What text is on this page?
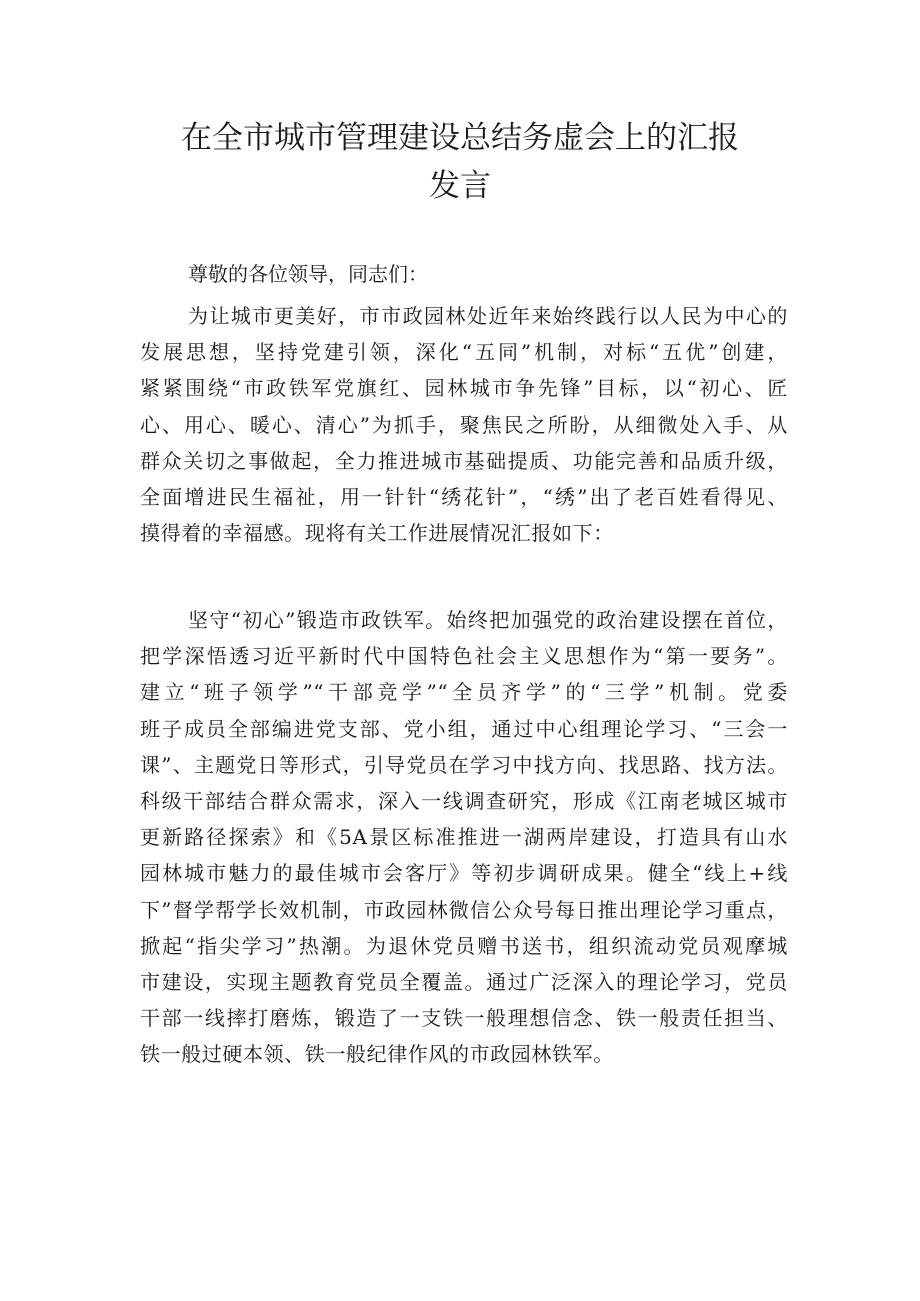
在全市城市管理建设总结务虚会上的汇报
发言

尊敬的各位领导，同志们：

为让城市更美好，市市政园林处近年来始终践行以人民为中心的
发展思想，坚持党建引领，深化“五同”机制，对标“五优”创建，
紧紧围绕“市政铁军党旗红、园林城市争先锋”目标，以“初心、匠
心、用心、暖心、清心”为抓手，聚焦民之所盼，从细微处入手、从
群众关切之事做起，全力推进城市基础提质、功能完善和品质升级，
全面增进民生福祉，用一针针“绣花针”，“绣”出了老百姓看得见、
摸得着的幸福感。现将有关工作进展情况汇报如下：
坚守“初心”锻造市政铁军。始终把加强党的政治建设摆在首位，
把学深悟透习近平新时代中国特色社会主义思想作为“第一要务”。
建立“班子领学”“干部竞学”“全员齐学”的“三学”机制。党委
班子成员全部编进党支部、党小组，通过中心组理论学习、“三会一
课”、主题党日等形式，引导党员在学习中找方向、找思路、找方法。
科级干部结合群众需求，深入一线调查研究，形成《江南老城区城市
更新路径探索》和《5A景区标准推进一湖两岸建设，打造具有山水
园林城市魅力的最佳城市会客厅》等初步调研成果。健全“线上+线
下”督学帮学长效机制，市政园林微信公众号每日推出理论学习重点，
掀起“指尖学习”热潮。为退休党员赠书送书，组织流动党员观摩城
市建设，实现主题教育党员全覆盖。通过广泛深入的理论学习，党员
干部一线摔打磨炼，锻造了一支铁一般理想信念、铁一般责任担当、
铁一般过硬本领、铁一般纪律作风的市政园林铁军。
